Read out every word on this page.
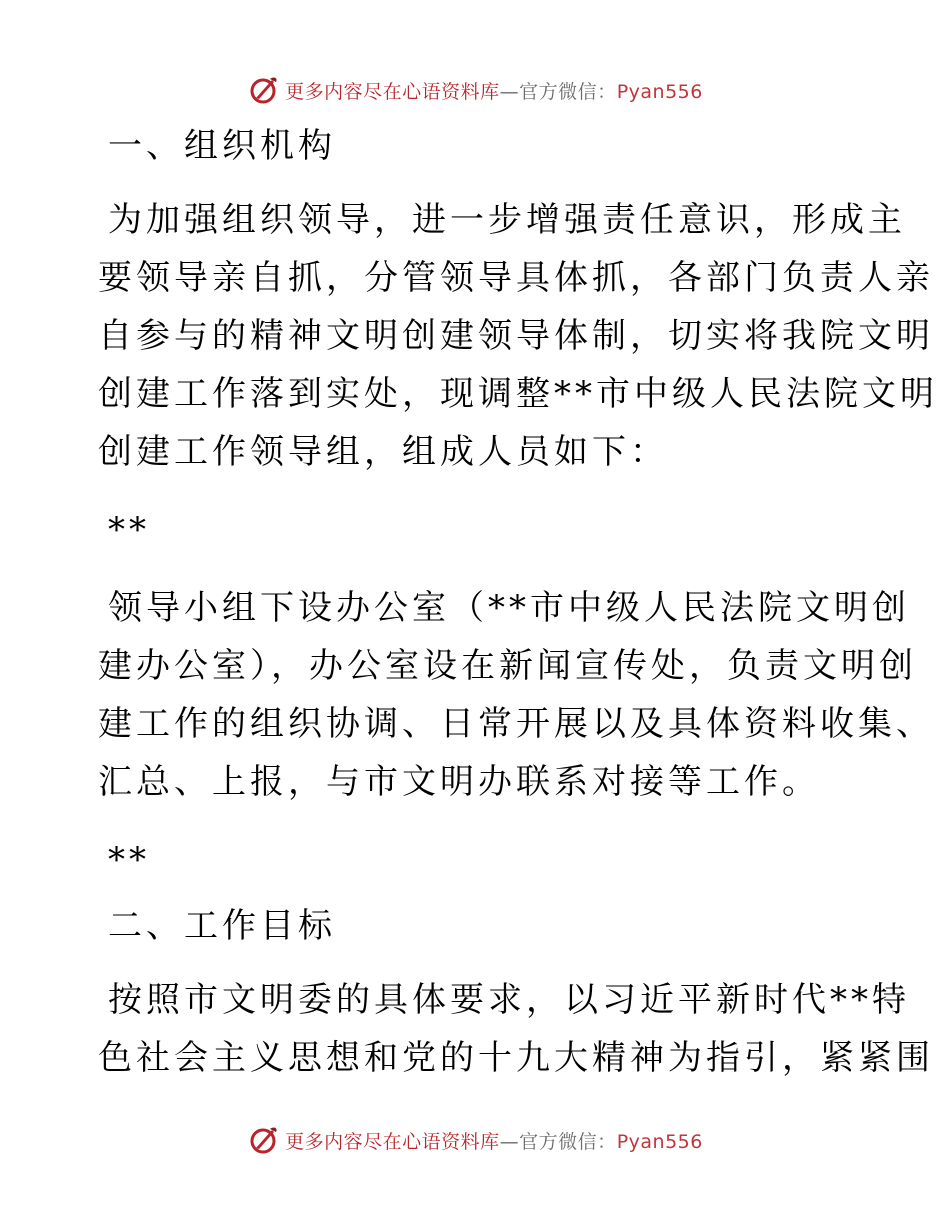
更多内容尽在心语资料库—官方微信：Pyan556
一、组织机构
为加强组织领导，进一步增强责任意识，形成主
要领导亲自抓，分管领导具体抓，各部门负责人亲
自参与的精神文明创建领导体制，切实将我院文明
创建工作落到实处，现调整**市中级人民法院文明
创建工作领导组，组成人员如下：
**
领导小组下设办公室（**市中级人民法院文明创
建办公室），办公室设在新闻宣传处，负责文明创
建工作的组织协调、日常开展以及具体资料收集、
汇总、上报，与市文明办联系对接等工作。
**
二、工作目标
按照市文明委的具体要求，以习近平新时代**特
色社会主义思想和党的十九大精神为指引，紧紧围
更多内容尽在心语资料库—官方微信：Pyan556
